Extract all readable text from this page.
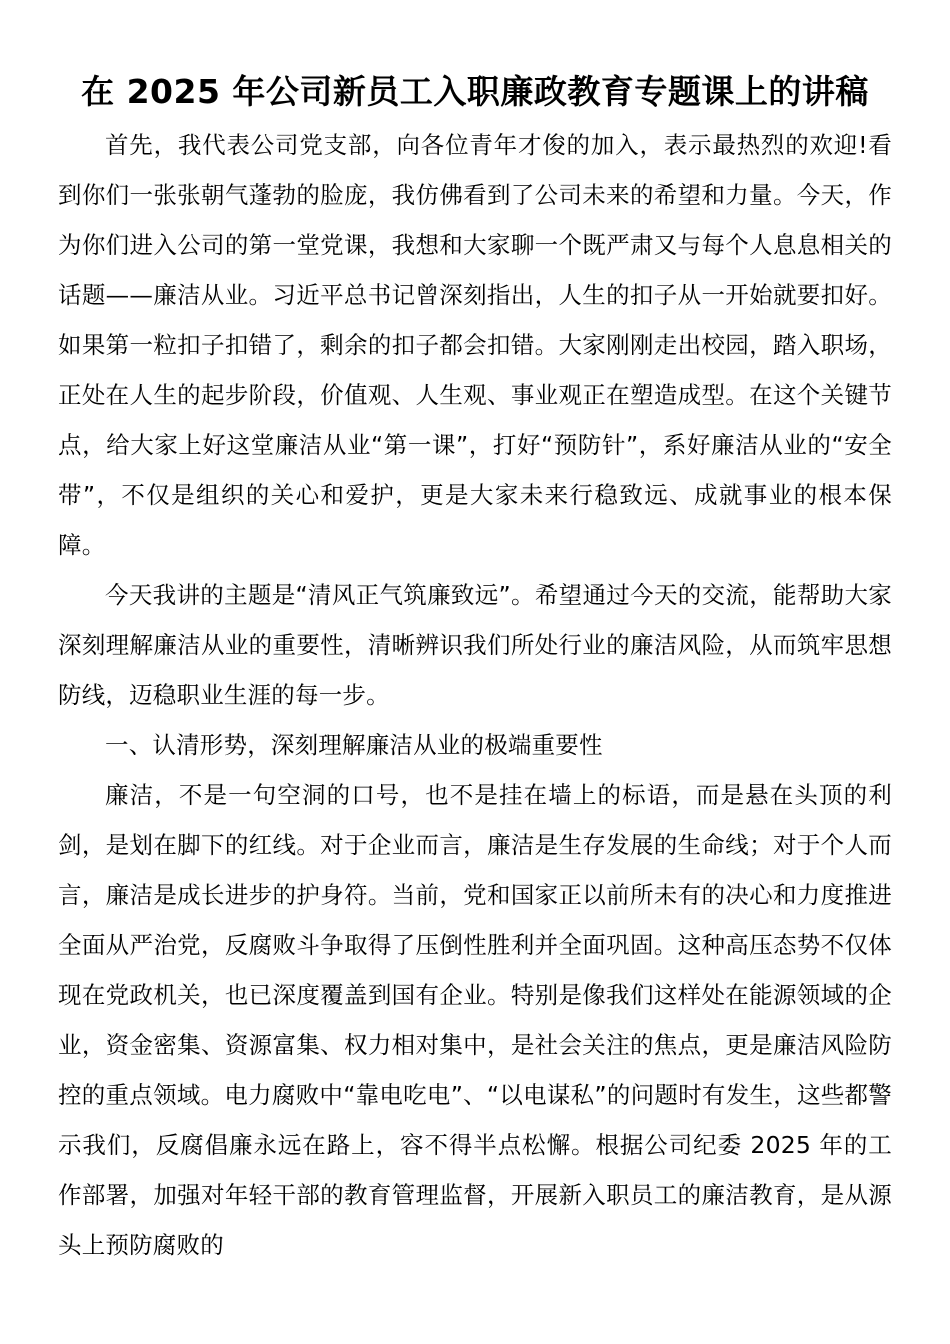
在 2025 年公司新员工入职廉政教育专题课上的讲稿

首先，我代表公司党支部，向各位青年才俊的加入，表示最热烈的欢迎!看到你们一张张朝气蓬勃的脸庞，我仿佛看到了公司未来的希望和力量。今天，作为你们进入公司的第一堂党课，我想和大家聊一个既严肃又与每个人息息相关的话题——廉洁从业。习近平总书记曾深刻指出，人生的扣子从一开始就要扣好。如果第一粒扣子扣错了，剩余的扣子都会扣错。大家刚刚走出校园，踏入职场，正处在人生的起步阶段，价值观、人生观、事业观正在塑造成型。在这个关键节点，给大家上好这堂廉洁从业“第一课”，打好“预防针”，系好廉洁从业的“安全带”，不仅是组织的关心和爱护，更是大家未来行稳致远、成就事业的根本保障。

今天我讲的主题是“清风正气筑廉致远”。希望通过今天的交流，能帮助大家深刻理解廉洁从业的重要性，清晰辨识我们所处行业的廉洁风险，从而筑牢思想防线，迈稳职业生涯的每一步。

一、认清形势，深刻理解廉洁从业的极端重要性

廉洁，不是一句空洞的口号，也不是挂在墙上的标语，而是悬在头顶的利剑，是划在脚下的红线。对于企业而言，廉洁是生存发展的生命线；对于个人而言，廉洁是成长进步的护身符。当前，党和国家正以前所未有的决心和力度推进全面从严治党，反腐败斗争取得了压倒性胜利并全面巩固。这种高压态势不仅体现在党政机关，也已深度覆盖到国有企业。特别是像我们这样处在能源领域的企业，资金密集、资源富集、权力相对集中，是社会关注的焦点，更是廉洁风险防控的重点领域。电力腐败中“靠电吃电”、“以电谋私”的问题时有发生，这些都警示我们，反腐倡廉永远在路上，容不得半点松懈。根据公司纪委 2025 年的工作部署，加强对年轻干部的教育管理监督，开展新入职员工的廉洁教育，是从源头上预防腐败的
